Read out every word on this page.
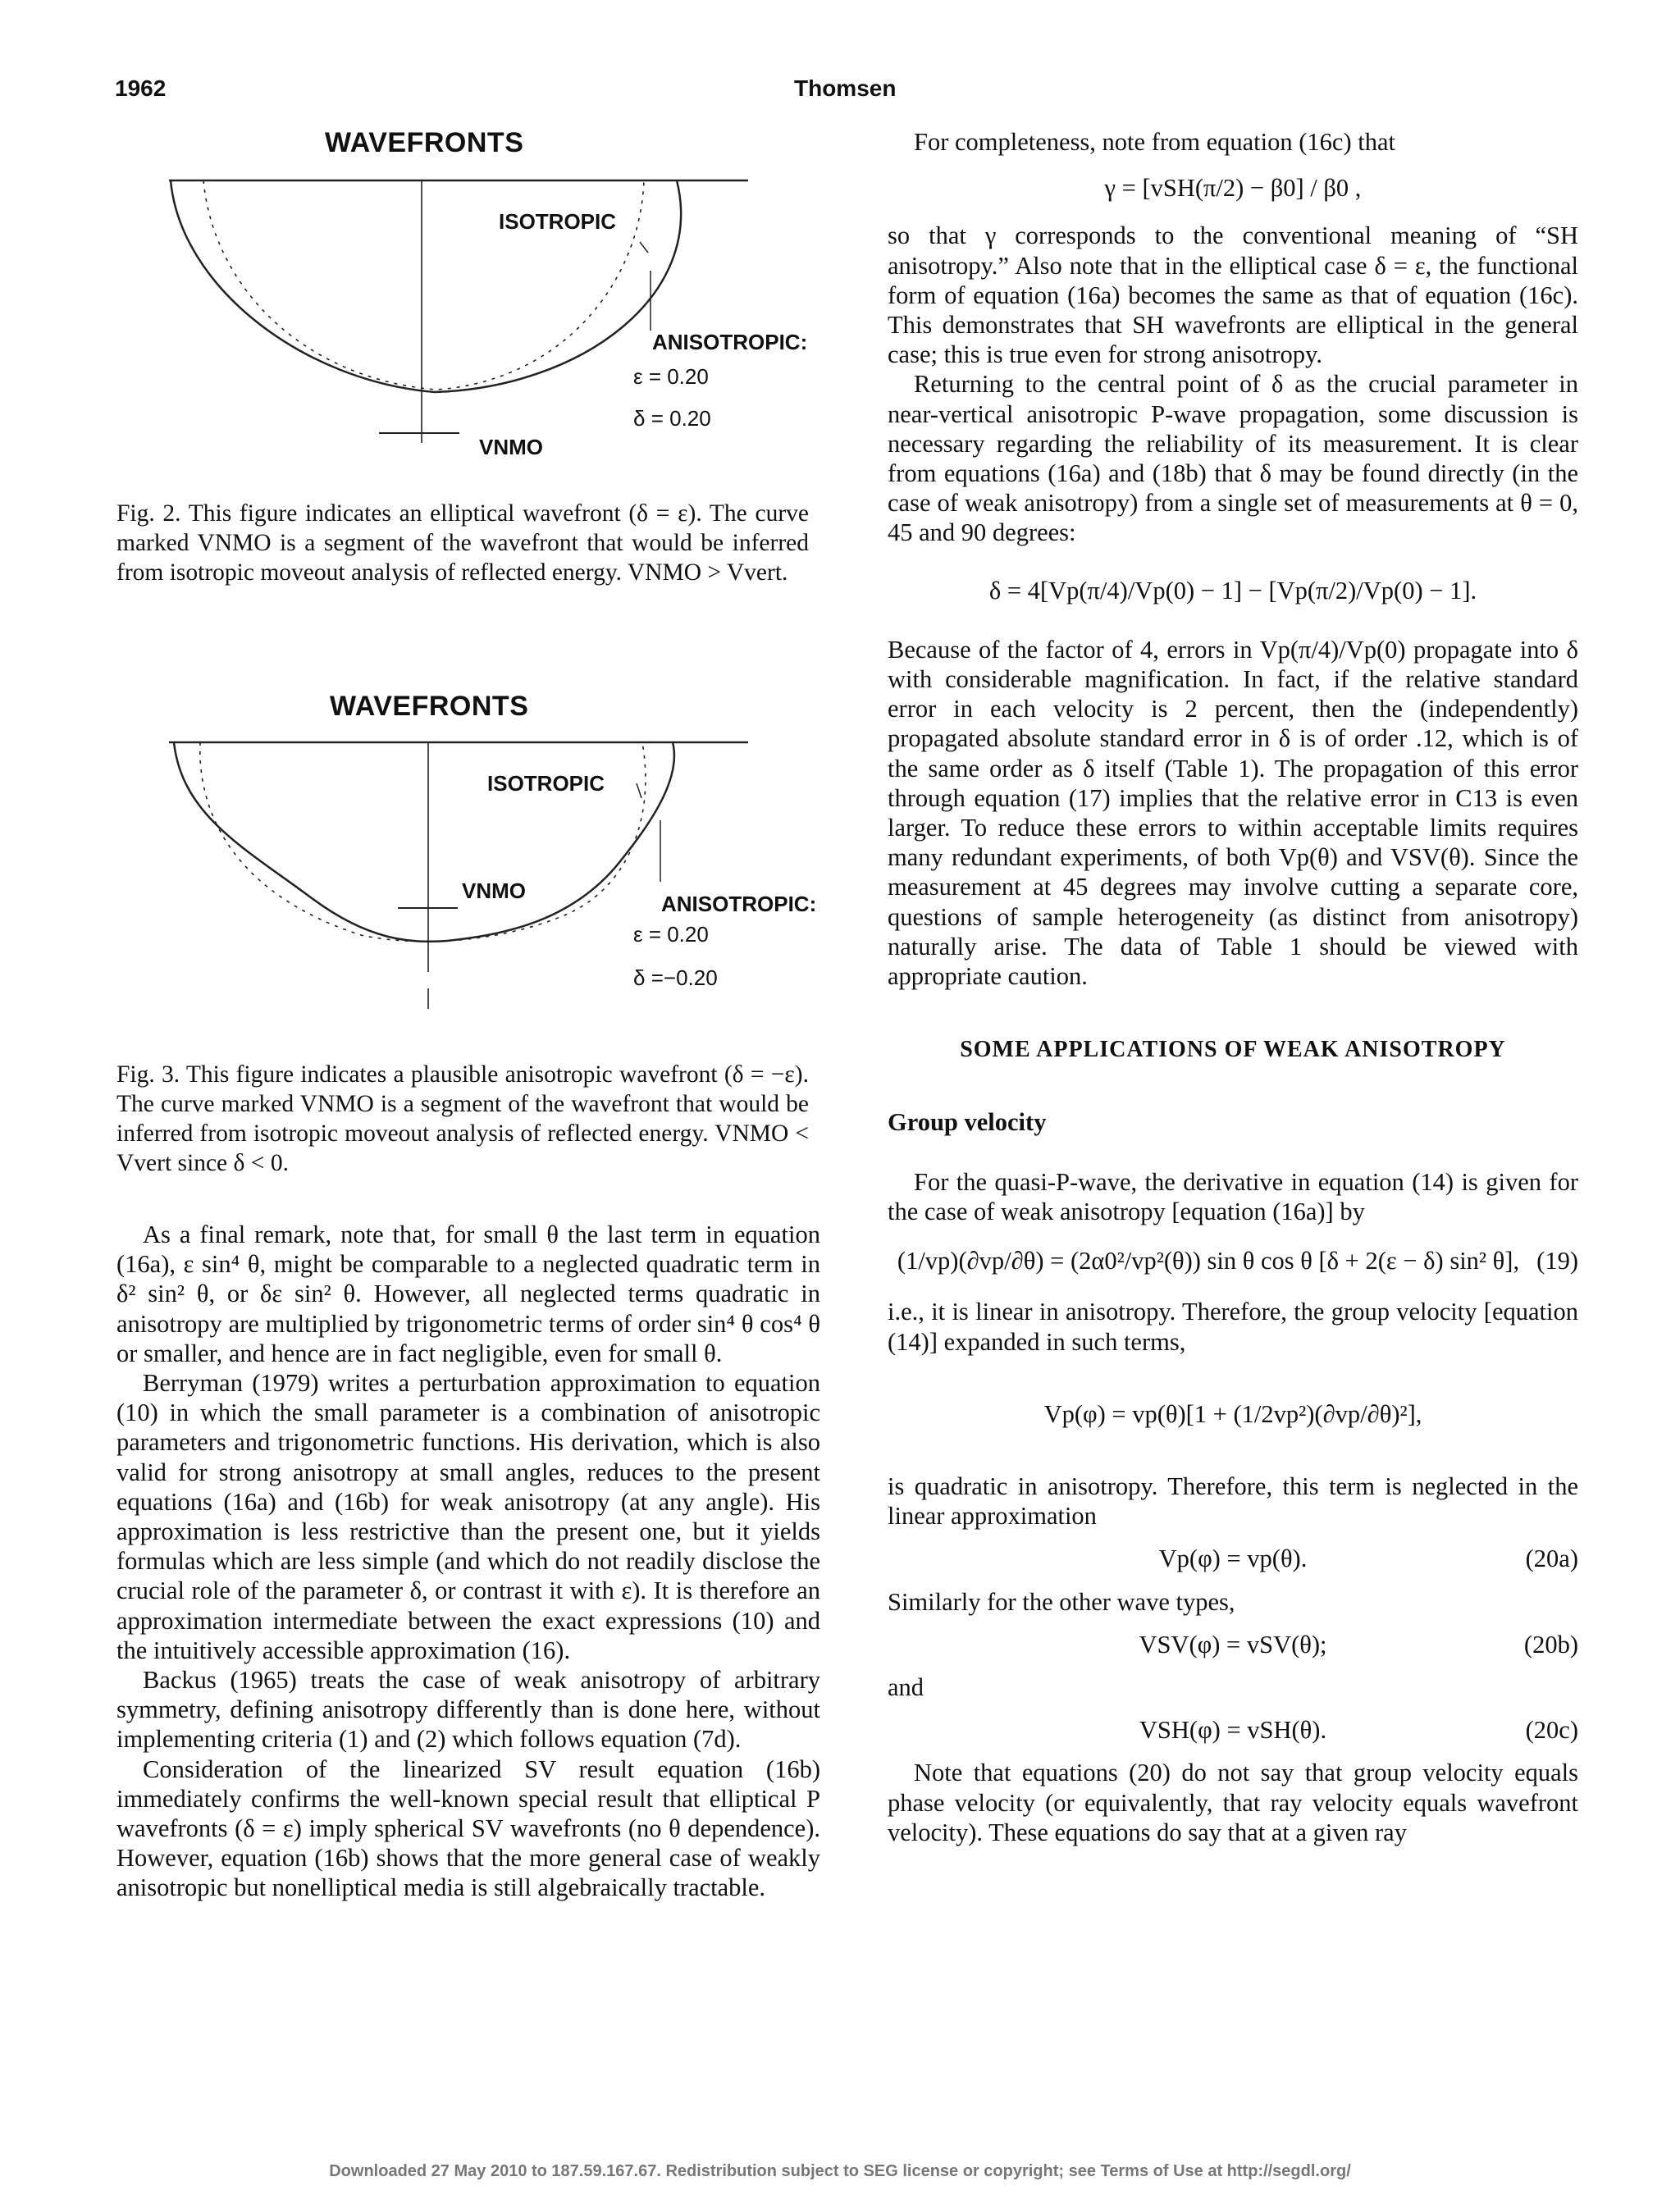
1962	Thomsen
WAVEFRONTS
ISOTROPIC
ANISOTROPIC:
ε = 0.20
δ = 0.20
VNMO
Fig. 2. This figure indicates an elliptical wavefront (δ = ε). The curve marked VNMO is a segment of the wavefront that would be inferred from isotropic moveout analysis of reflected energy. VNMO > Vvert.
WAVEFRONTS
ISOTROPIC
ANISOTROPIC:
ε = 0.20
δ =−0.20
VNMO
Fig. 3. This figure indicates a plausible anisotropic wavefront (δ = −ε). The curve marked VNMO is a segment of the wavefront that would be inferred from isotropic moveout analysis of reflected energy. VNMO < Vvert since δ < 0.

As a final remark, note that, for small θ the last term in equation (16a), ε sin⁴ θ, might be comparable to a neglected quadratic term in δ² sin² θ, or δε sin² θ. However, all neglected terms quadratic in anisotropy are multiplied by trigonometric terms of order sin⁴ θ cos⁴ θ or smaller, and hence are in fact negligible, even for small θ.

Berryman (1979) writes a perturbation approximation to equation (10) in which the small parameter is a combination of anisotropic parameters and trigonometric functions. His derivation, which is also valid for strong anisotropy at small angles, reduces to the present equations (16a) and (16b) for weak anisotropy (at any angle). His approximation is less restrictive than the present one, but it yields formulas which are less simple (and which do not readily disclose the crucial role of the parameter δ, or contrast it with ε). It is therefore an approximation intermediate between the exact expressions (10) and the intuitively accessible approximation (16).

Backus (1965) treats the case of weak anisotropy of arbitrary symmetry, defining anisotropy differently than is done here, without implementing criteria (1) and (2) which follows equation (7d).

Consideration of the linearized SV result equation (16b) immediately confirms the well-known special result that elliptical P wavefronts (δ = ε) imply spherical SV wavefronts (no θ dependence). However, equation (16b) shows that the more general case of weakly anisotropic but nonelliptical media is still algebraically tractable.

For completeness, note from equation (16c) that

γ = [vSH(π/2) − β0] / β0 ,

so that γ corresponds to the conventional meaning of “SH anisotropy.” Also note that in the elliptical case δ = ε, the functional form of equation (16a) becomes the same as that of equation (16c). This demonstrates that SH wavefronts are elliptical in the general case; this is true even for strong anisotropy.

Returning to the central point of δ as the crucial parameter in near-vertical anisotropic P-wave propagation, some discussion is necessary regarding the reliability of its measurement. It is clear from equations (16a) and (18b) that δ may be found directly (in the case of weak anisotropy) from a single set of measurements at θ = 0, 45 and 90 degrees:

δ = 4[Vp(π/4)/Vp(0) − 1] − [Vp(π/2)/Vp(0) − 1].

Because of the factor of 4, errors in Vp(π/4)/Vp(0) propagate into δ with considerable magnification. In fact, if the relative standard error in each velocity is 2 percent, then the (independently) propagated absolute standard error in δ is of order .12, which is of the same order as δ itself (Table 1). The propagation of this error through equation (17) implies that the relative error in C13 is even larger. To reduce these errors to within acceptable limits requires many redundant experiments, of both Vp(θ) and VSV(θ). Since the measurement at 45 degrees may involve cutting a separate core, questions of sample heterogeneity (as distinct from anisotropy) naturally arise. The data of Table 1 should be viewed with appropriate caution.

SOME APPLICATIONS OF WEAK ANISOTROPY

Group velocity

For the quasi-P-wave, the derivative in equation (14) is given for the case of weak anisotropy [equation (16a)] by

(1/vp)(∂vp/∂θ) = (2α0²/vp²(θ)) sin θ cos θ [δ + 2(ε − δ) sin² θ], (19)

i.e., it is linear in anisotropy. Therefore, the group velocity [equation (14)] expanded in such terms,

Vp(φ) = vp(θ)[1 + (1/2vp²)(∂vp/∂θ)²],

is quadratic in anisotropy. Therefore, this term is neglected in the linear approximation

Vp(φ) = vp(θ).	(20a)

Similarly for the other wave types,

VSV(φ) = vSV(θ);	(20b)

and

VSH(φ) = vSH(θ).	(20c)

Note that equations (20) do not say that group velocity equals phase velocity (or equivalently, that ray velocity equals wavefront velocity). These equations do say that at a given ray

Downloaded 27 May 2010 to 187.59.167.67. Redistribution subject to SEG license or copyright; see Terms of Use at http://segdl.org/
